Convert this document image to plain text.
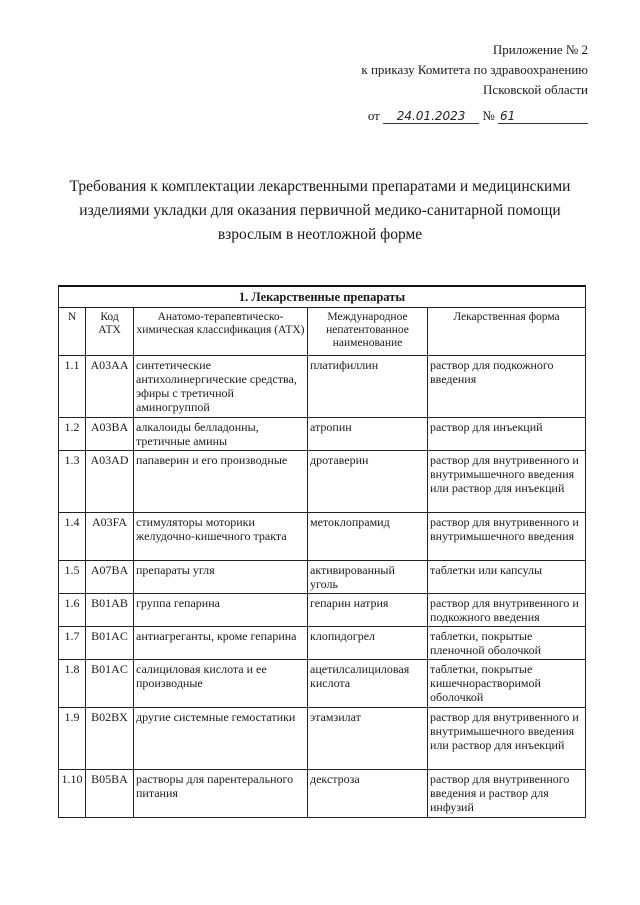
Приложение № 2
к приказу Комитета по здравоохранению
Псковской области
от 24.01.2023 № 61
Требования к комплектации лекарственными препаратами и медицинскими
изделиями укладки для оказания первичной медико-санитарной помощи
взрослым в неотложной форме
1. Лекарственные препараты				
N	Код АТХ	Анатомо-терапевтическо-химическая классификация (АТХ)	Международное непатентованное наименование	Лекарственная форма
1.1	A03AA	синтетические антихолинергические средства, эфиры с третичной аминогруппой	платифиллин	раствор для подкожного введения
1.2	A03BA	алкалоиды белладонны, третичные амины	атропин	раствор для инъекций
1.3	A03AD	папаверин и его производные	дротаверин	раствор для внутривенного и внутримышечного введения или раствор для инъекций
1.4	A03FA	стимуляторы моторики желудочно-кишечного тракта	метоклопрамид	раствор для внутривенного и внутримышечного введения
1.5	A07BA	препараты угля	активированный уголь	таблетки или капсулы
1.6	B01AB	группа гепарина	гепарин натрия	раствор для внутривенного и подкожного введения
1.7	B01AC	антиагреганты, кроме гепарина	клопидогрел	таблетки, покрытые пленочной оболочкой
1.8	B01AC	салициловая кислота и ее производные	ацетилсалициловая кислота	таблетки, покрытые кишечнорастворимой оболочкой
1.9	B02BX	другие системные гемостатики	этамзилат	раствор для внутривенного и внутримышечного введения или раствор для инъекций
1.10	B05BA	растворы для парентерального питания	декстроза	раствор для внутривенного введения и раствор для инфузий
